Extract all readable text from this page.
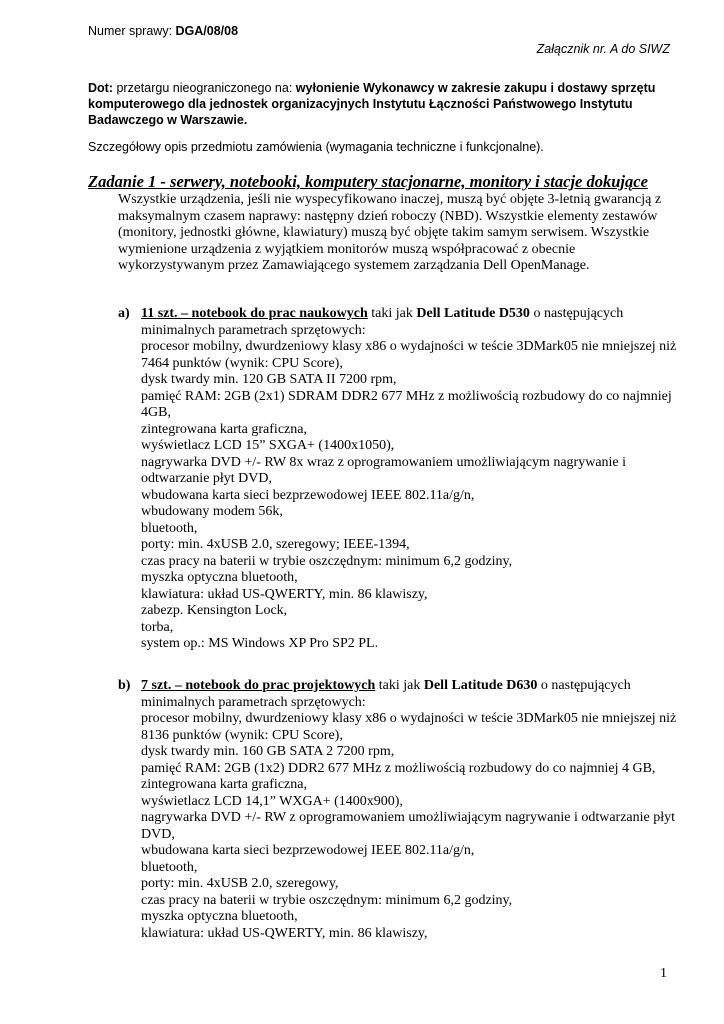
Numer sprawy: DGA/08/08
Załącznik nr. A do SIWZ
Dot: przetargu nieograniczonego na: wyłonienie Wykonawcy w zakresie zakupu i dostawy sprzętu komputerowego dla jednostek organizacyjnych Instytutu Łączności Państwowego Instytutu Badawczego w Warszawie.
Szczegółowy opis przedmiotu zamówienia (wymagania techniczne i funkcjonalne).
Zadanie 1 - serwery, notebooki, komputery stacjonarne, monitory i stacje dokujące
Wszystkie urządzenia, jeśli nie wyspecyfikowano inaczej, muszą być objęte 3-letnią gwarancją z maksymalnym czasem naprawy: następny dzień roboczy (NBD). Wszystkie elementy zestawów (monitory, jednostki główne, klawiatury) muszą być objęte takim samym serwisem. Wszystkie wymienione urządzenia z wyjątkiem monitorów muszą współpracować z obecnie wykorzystywanym przez Zamawiającego systemem zarządzania Dell OpenManage.
a) 11 szt. – notebook do prac naukowych taki jak Dell Latitude D530 o następujących minimalnych parametrach sprzętowych:
procesor mobilny, dwurdzeniowy klasy x86 o wydajności w teście 3DMark05 nie mniejszej niż 7464 punktów (wynik: CPU Score),
dysk twardy min. 120 GB SATA II 7200 rpm,
pamięć RAM: 2GB (2x1) SDRAM DDR2 677 MHz z możliwością rozbudowy do co najmniej 4GB,
zintegrowana karta graficzna,
wyświetlacz LCD 15” SXGA+ (1400x1050),
nagrywarka DVD +/- RW 8x wraz z oprogramowaniem umożliwiającym nagrywanie i odtwarzanie płyt DVD,
wbudowana karta sieci bezprzewodowej IEEE 802.11a/g/n,
wbudowany modem 56k,
bluetooth,
porty: min. 4xUSB 2.0, szeregowy; IEEE-1394,
czas pracy na baterii w trybie oszczędnym: minimum 6,2 godziny,
myszka optyczna bluetooth,
klawiatura: układ US-QWERTY, min. 86 klawiszy,
zabezp. Kensington Lock,
torba,
system op.: MS Windows XP Pro SP2 PL.
b) 7 szt. – notebook do prac projektowych taki jak Dell Latitude D630 o następujących minimalnych parametrach sprzętowych:
procesor mobilny, dwurdzeniowy klasy x86 o wydajności w teście 3DMark05 nie mniejszej niż 8136 punktów (wynik: CPU Score),
dysk twardy min. 160 GB SATA 2 7200 rpm,
pamięć RAM: 2GB (1x2) DDR2 677 MHz z możliwością rozbudowy do co najmniej 4 GB,
zintegrowana karta graficzna,
wyświetlacz LCD 14,1” WXGA+ (1400x900),
nagrywarka DVD +/- RW z oprogramowaniem umożliwiającym nagrywanie i odtwarzanie płyt DVD,
wbudowana karta sieci bezprzewodowej IEEE 802.11a/g/n,
bluetooth,
porty: min. 4xUSB 2.0, szeregowy,
czas pracy na baterii w trybie oszczędnym: minimum 6,2 godziny,
myszka optyczna bluetooth,
klawiatura: układ US-QWERTY, min. 86 klawiszy,
1
